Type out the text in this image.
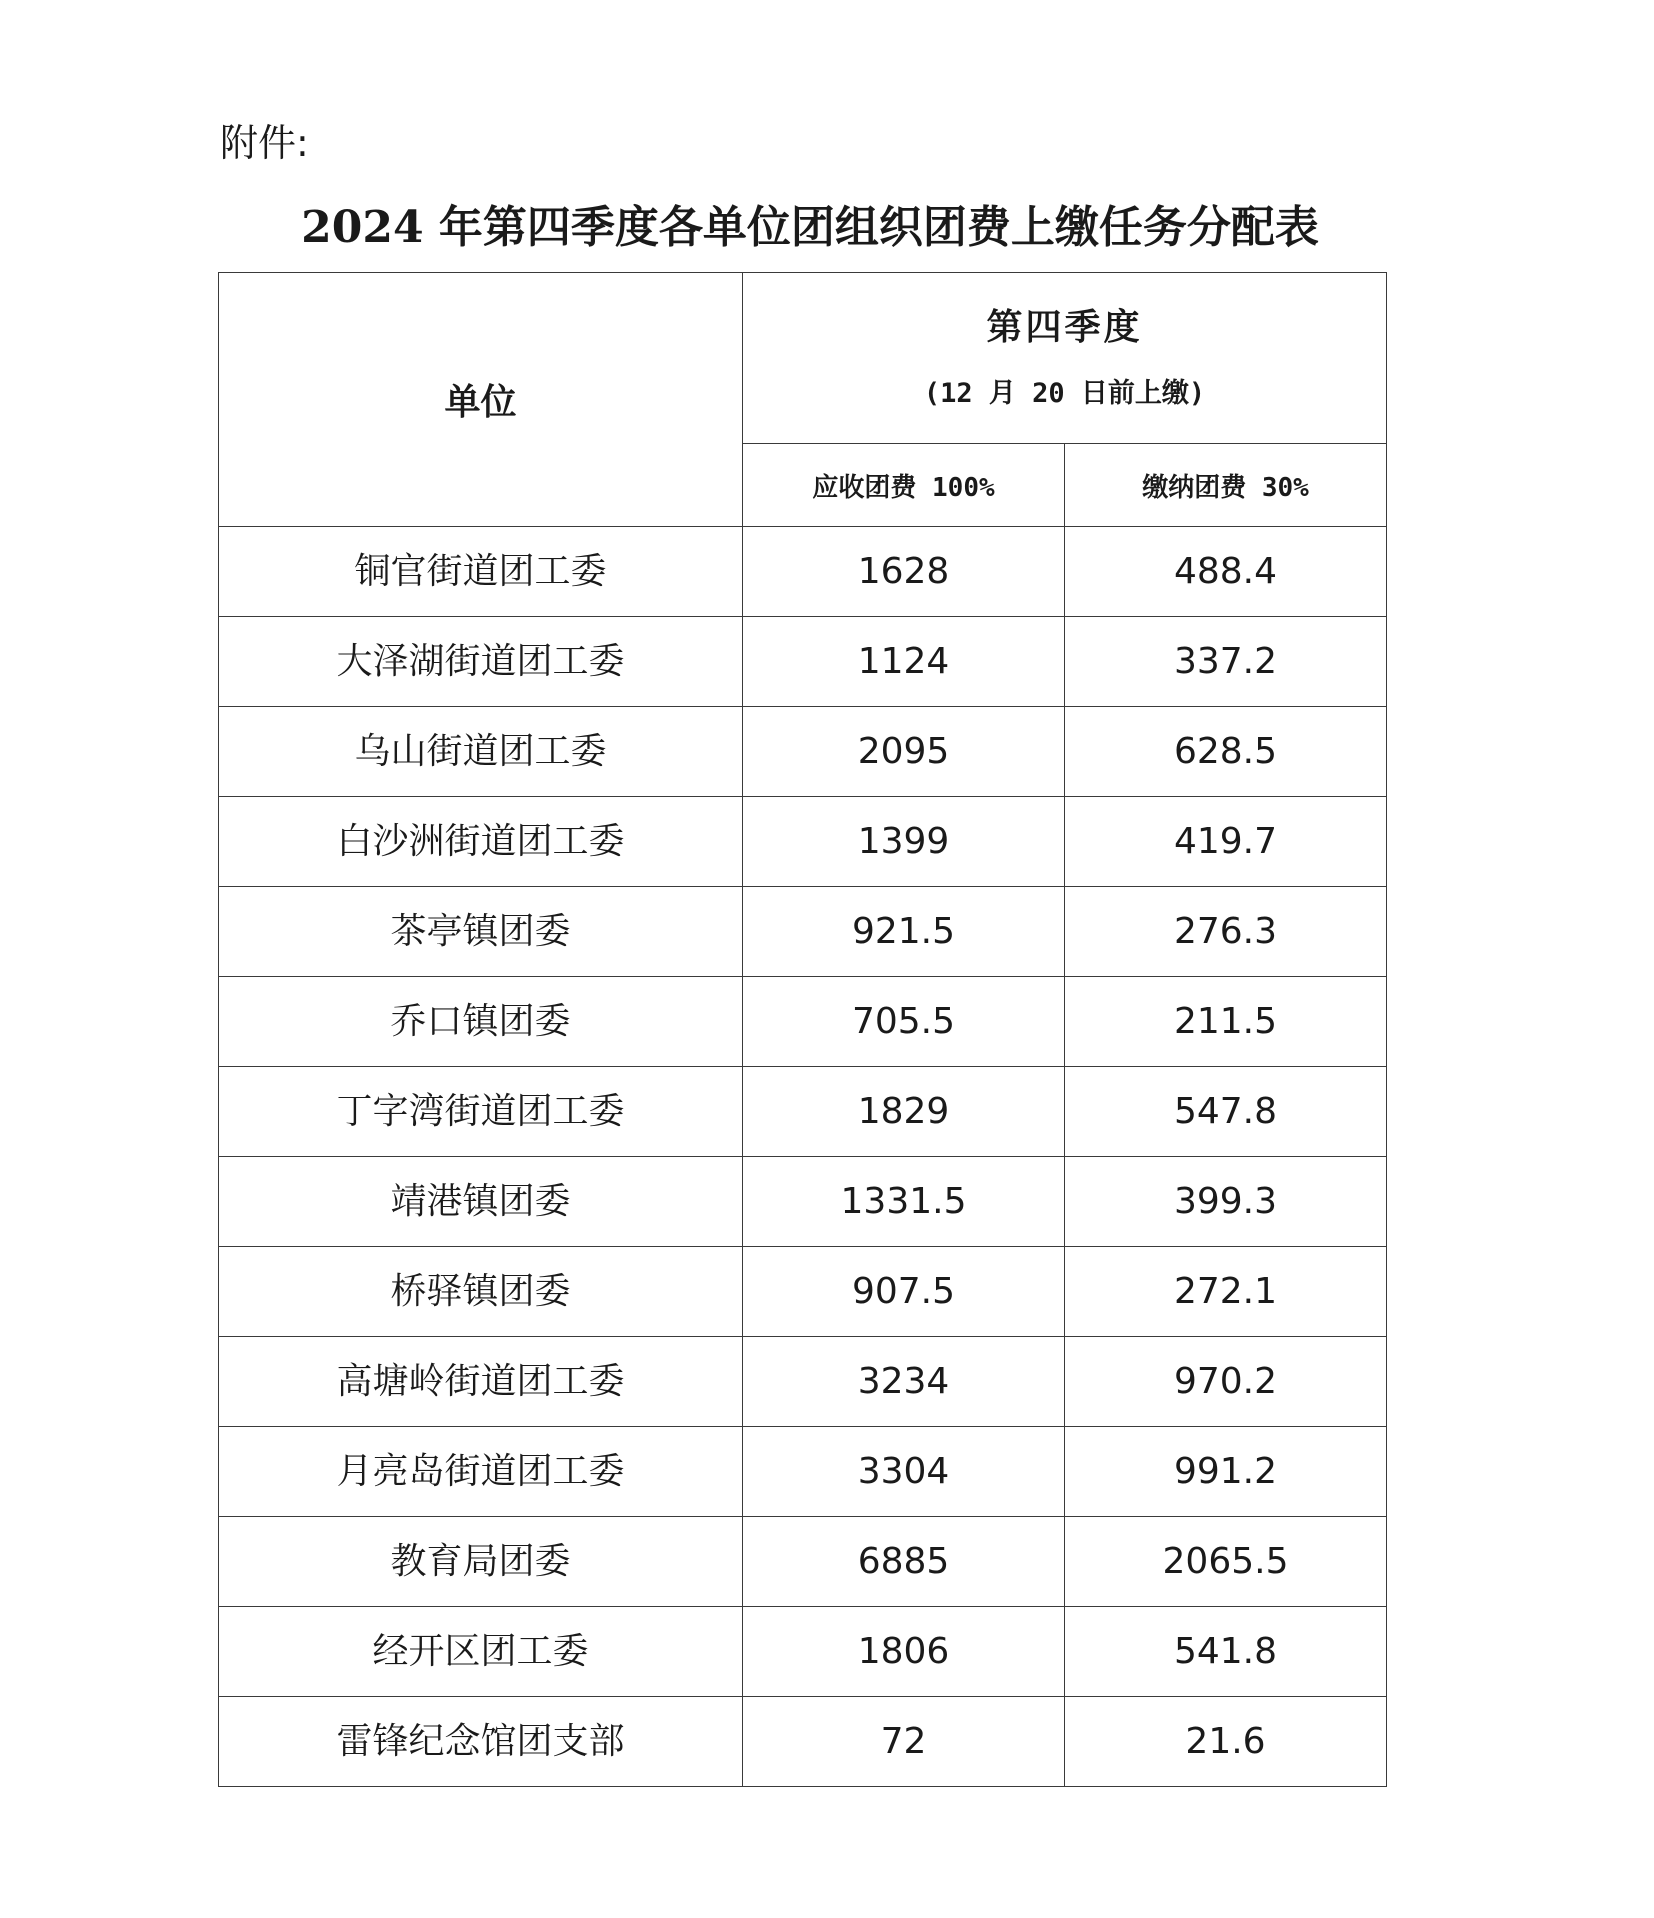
附件:
2024 年第四季度各单位团组织团费上缴任务分配表
单位	第四季度
(12 月 20 日前上缴)	

	应收团费 100%	缴纳团费 30%
铜官街道团工委	1628	488.4
大泽湖街道团工委	1124	337.2
乌山街道团工委	2095	628.5
白沙洲街道团工委	1399	419.7
茶亭镇团委	921.5	276.3
乔口镇团委	705.5	211.5
丁字湾街道团工委	1829	547.8
靖港镇团委	1331.5	399.3
桥驿镇团委	907.5	272.1
高塘岭街道团工委	3234	970.2
月亮岛街道团工委	3304	991.2
教育局团委	6885	2065.5
经开区团工委	1806	541.8
雷锋纪念馆团支部	72	21.6
